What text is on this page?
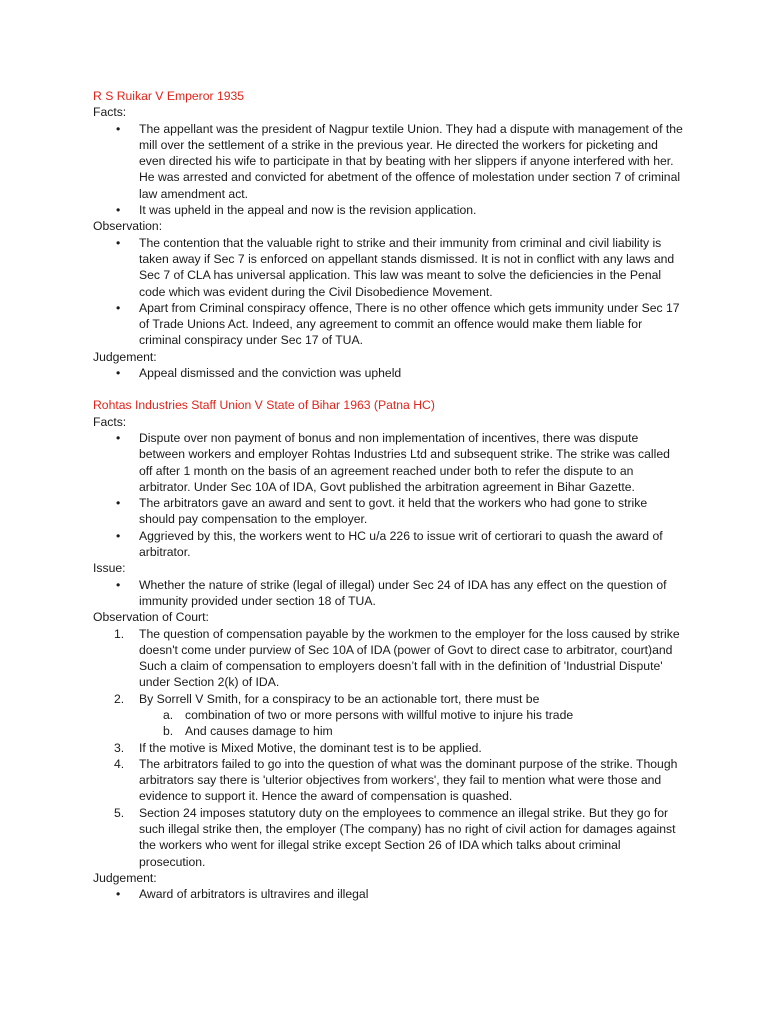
R S Ruikar V Emperor 1935

Facts:

• The appellant was the president of Nagpur textile Union. They had a dispute with management of the mill over the settlement of a strike in the previous year. He directed the workers for picketing and even directed his wife to participate in that by beating with her slippers if anyone interfered with her. He was arrested and convicted for abetment of the offence of molestation under section 7 of criminal law amendment act.
• It was upheld in the appeal and now is the revision application.

Observation:

• The contention that the valuable right to strike and their immunity from criminal and civil liability is taken away if Sec 7 is enforced on appellant stands dismissed. It is not in conflict with any laws and Sec 7 of CLA has universal application. This law was meant to solve the deficiencies in the Penal code which was evident during the Civil Disobedience Movement.
• Apart from Criminal conspiracy offence, There is no other offence which gets immunity under Sec 17 of Trade Unions Act. Indeed, any agreement to commit an offence would make them liable for criminal conspiracy under Sec 17 of TUA.

Judgement:

• Appeal dismissed and the conviction was upheld

Rohtas Industries Staff Union V State of Bihar 1963 (Patna HC)

Facts:

• Dispute over non payment of bonus and non implementation of incentives, there was dispute between workers and employer Rohtas Industries Ltd and subsequent strike. The strike was called off after 1 month on the basis of an agreement reached under both to refer the dispute to an arbitrator. Under Sec 10A of IDA, Govt published the arbitration agreement in Bihar Gazette.
• The arbitrators gave an award and sent to govt. it held that the workers who had gone to strike should pay compensation to the employer.
• Aggrieved by this, the workers went to HC u/a 226 to issue writ of certiorari to quash the award of arbitrator.

Issue:

• Whether the nature of strike (legal of illegal) under Sec 24 of IDA has any effect on the question of immunity provided under section 18 of TUA.

Observation of Court:

1. The question of compensation payable by the workmen to the employer for the loss caused by strike doesn't come under purview of Sec 10A of IDA (power of Govt to direct case to arbitrator, court)and Such a claim of compensation to employers doesn’t fall with in the definition of 'Industrial Dispute' under Section 2(k) of IDA.
2. By Sorrell V Smith, for a conspiracy to be an actionable tort, there must be
a. combination of two or more persons with willful motive to injure his trade
b. And causes damage to him
3. If the motive is Mixed Motive, the dominant test is to be applied.
4. The arbitrators failed to go into the question of what was the dominant purpose of the strike. Though arbitrators say there is 'ulterior objectives from workers', they fail to mention what were those and evidence to support it. Hence the award of compensation is quashed.
5. Section 24 imposes statutory duty on the employees to commence an illegal strike. But they go for such illegal strike then, the employer (The company) has no right of civil action for damages against the workers who went for illegal strike except Section 26 of IDA which talks about criminal prosecution.

Judgement:

• Award of arbitrators is ultravires and illegal
